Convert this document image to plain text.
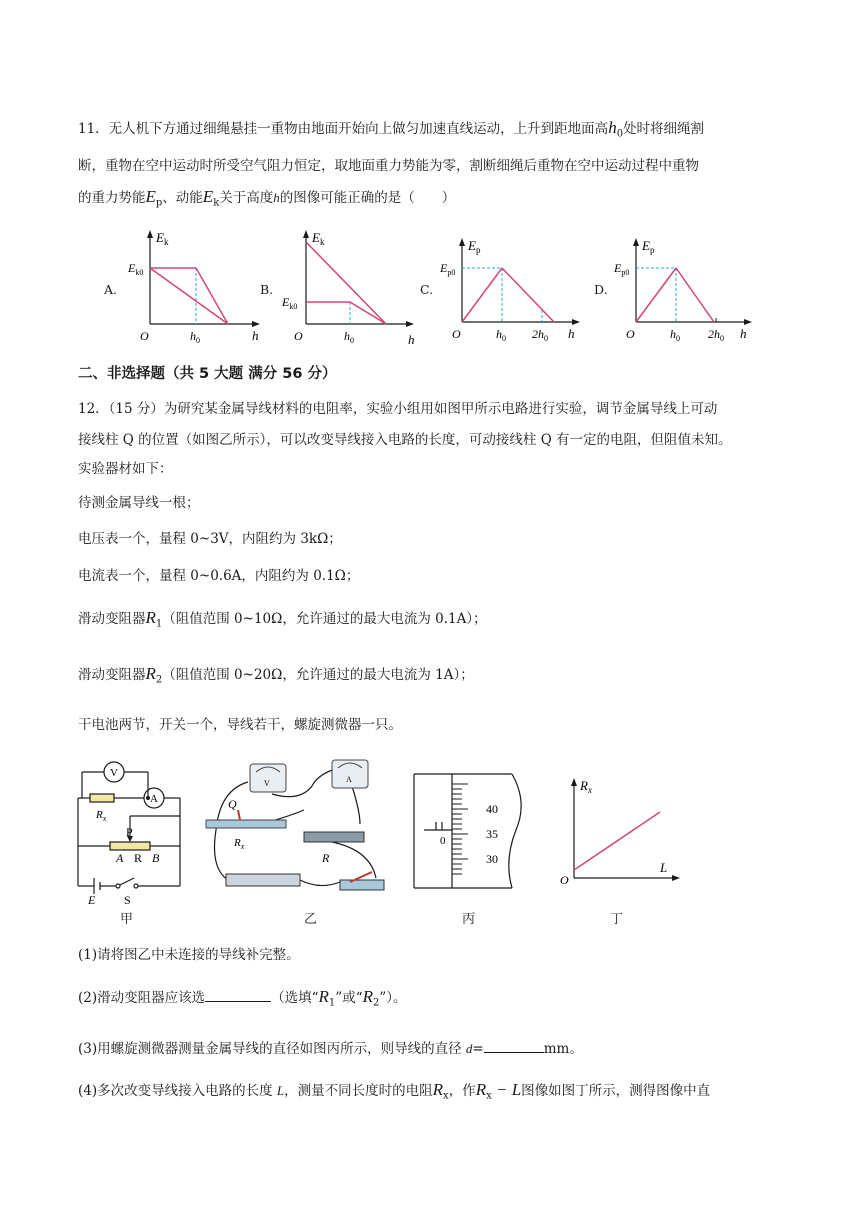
11．无人机下方通过细绳悬挂一重物由地面开始向上做匀加速直线运动，上升到距地面高$h_0$处时将细绳割
断，重物在空中运动时所受空气阻力恒定，取地面重力势能为零，割断细绳后重物在空中运动过程中重物
的重力势能$E_p$、动能$E_k$关于高度h的图像可能正确的是（　　）
A.
$E_k$
$E_{k0}$
O	$h_0$	h
B.
$E_k$
$E_{k0}$
O	$h_0$	h
C.
$E_p$
$E_{p0}$
O	$h_0$ $2h_0$ h
D.
$E_p$
$E_{p0}$
O	$h_0$ $2h_0$ h
二、非选择题（共 5 大题 满分 56 分）
12．（15 分）为研究某金属导线材料的电阻率，实验小组用如图甲所示电路进行实验，调节金属导线上可动
接线柱 Q 的位置（如图乙所示），可以改变导线接入电路的长度，可动接线柱 Q 有一定的电阻，但阻值未知。
实验器材如下：
待测金属导线一根；
电压表一个，量程 0~3V，内阻约为 3kΩ；
电流表一个，量程 0~0.6A，内阻约为 0.1Ω；
滑动变阻器$R_1$（阻值范围 0~10Ω，允许通过的最大电流为 0.1A）；
滑动变阻器$R_2$（阻值范围 0~20Ω，允许通过的最大电流为 1A）；
干电池两节，开关一个，导线若干，螺旋测微器一只。
V
A
$R_x$
P
A R B
E S
甲
V	A
Q
$R_x$
R
乙
40
35
30
0
丙
$R_x$
L
O
丁
(1)请将图乙中未连接的导线补完整。
(2)滑动变阻器应该选	（选填“$R_1$”或“$R_2$”）。
(3)用螺旋测微器测量金属导线的直径如图丙所示，则导线的直径 d=	mm。
(4)多次改变导线接入电路的长度 L，测量不同长度时的电阻$R_x$，作$R_x - L$图像如图丁所示，测得图像中直
